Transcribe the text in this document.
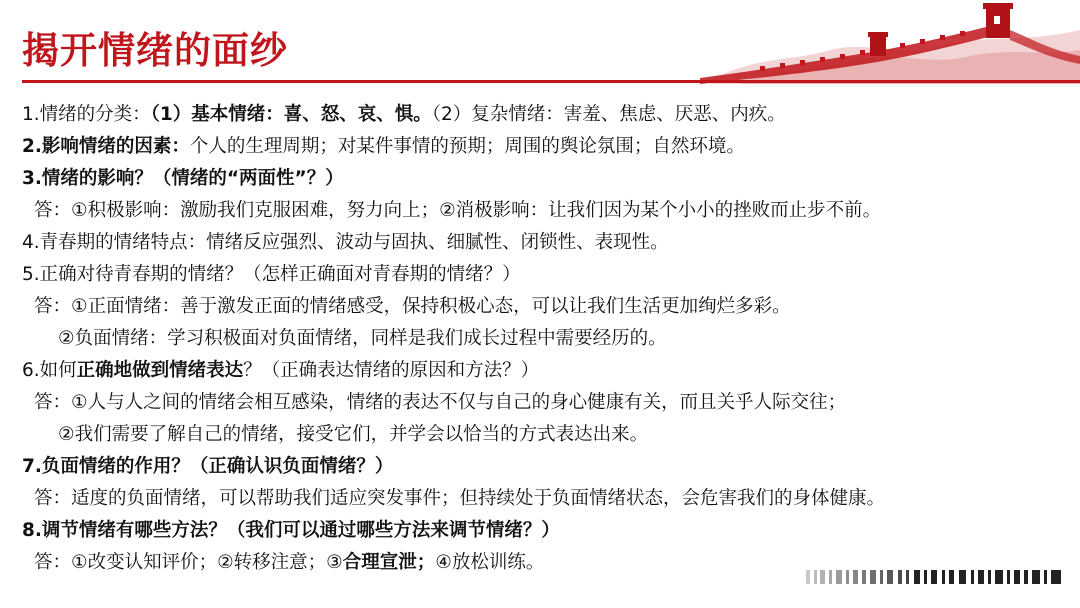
揭开情绪的面纱
1.情绪的分类：（1）基本情绪：喜、怒、哀、惧。（2）复杂情绪：害羞、焦虑、厌恶、内疚。
2.影响情绪的因素：个人的生理周期；对某件事情的预期；周围的舆论氛围；自然环境。
3.情绪的影响？（情绪的“两面性”？）
答：①积极影响：激励我们克服困难，努力向上；②消极影响：让我们因为某个小小的挫败而止步不前。
4.青春期的情绪特点：情绪反应强烈、波动与固执、细腻性、闭锁性、表现性。
5.正确对待青春期的情绪？（怎样正确面对青春期的情绪？）
答：①正面情绪：善于激发正面的情绪感受，保持积极心态，可以让我们生活更加绚烂多彩。
②负面情绪：学习积极面对负面情绪，同样是我们成长过程中需要经历的。
6.如何正确地做到情绪表达？（正确表达情绪的原因和方法？）
答：①人与人之间的情绪会相互感染，情绪的表达不仅与自己的身心健康有关，而且关乎人际交往；
②我们需要了解自己的情绪，接受它们，并学会以恰当的方式表达出来。
7.负面情绪的作用？（正确认识负面情绪？）
答：适度的负面情绪，可以帮助我们适应突发事件；但持续处于负面情绪状态，会危害我们的身体健康。
8.调节情绪有哪些方法？（我们可以通过哪些方法来调节情绪？）
答：①改变认知评价；②转移注意；③合理宣泄；④放松训练。
